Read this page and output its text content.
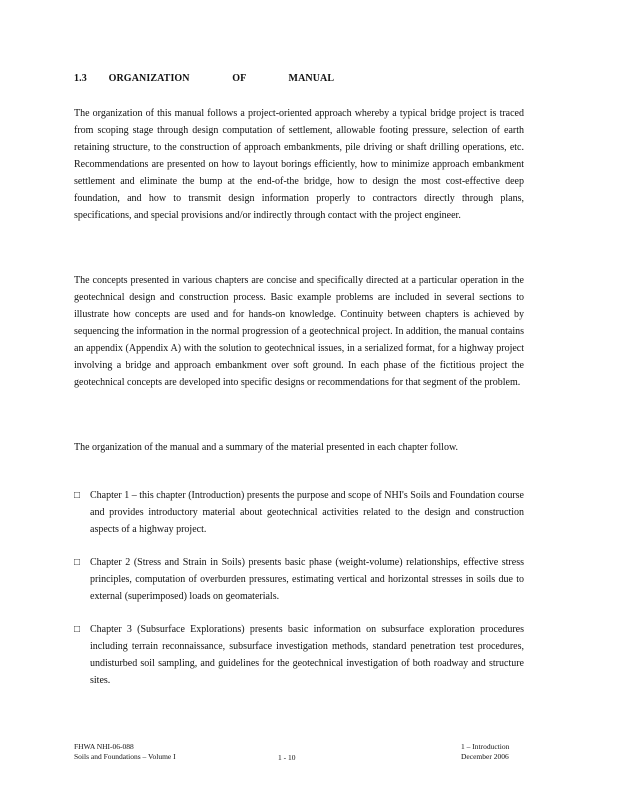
1.3 ORGANIZATION OF MANUAL

The organization of this manual follows a project-oriented approach whereby a typical bridge project is traced from scoping stage through design computation of settlement, allowable footing pressure, selection of earth retaining structure, to the construction of approach embankments, pile driving or shaft drilling operations, etc. Recommendations are presented on how to layout borings efficiently, how to minimize approach embankment settlement and eliminate the bump at the end-of-the bridge, how to design the most cost-effective deep foundation, and how to transmit design information properly to contractors directly through plans, specifications, and special provisions and/or indirectly through contact with the project engineer.

The concepts presented in various chapters are concise and specifically directed at a particular operation in the geotechnical design and construction process. Basic example problems are included in several sections to illustrate how concepts are used and for hands-on knowledge. Continuity between chapters is achieved by sequencing the information in the normal progression of a geotechnical project. In addition, the manual contains an appendix (Appendix A) with the solution to geotechnical issues, in a serialized format, for a highway project involving a bridge and approach embankment over soft ground. In each phase of the fictitious project the geotechnical concepts are developed into specific designs or recommendations for that segment of the problem.

The organization of the manual and a summary of the material presented in each chapter follow.

□ Chapter 1 – this chapter (Introduction) presents the purpose and scope of NHI's Soils and Foundation course and provides introductory material about geotechnical activities related to the design and construction aspects of a highway project.
□ Chapter 2 (Stress and Strain in Soils) presents basic phase (weight-volume) relationships, effective stress principles, computation of overburden pressures, estimating vertical and horizontal stresses in soils due to external (superimposed) loads on geomaterials.
□ Chapter 3 (Subsurface Explorations) presents basic information on subsurface exploration procedures including terrain reconnaissance, subsurface investigation methods, standard penetration test procedures, undisturbed soil sampling, and guidelines for the geotechnical investigation of both roadway and structure sites.
FHWA NHI-06-088
Soils and Foundations – Volume I	1 - 10
1 – Introduction
December 2006
